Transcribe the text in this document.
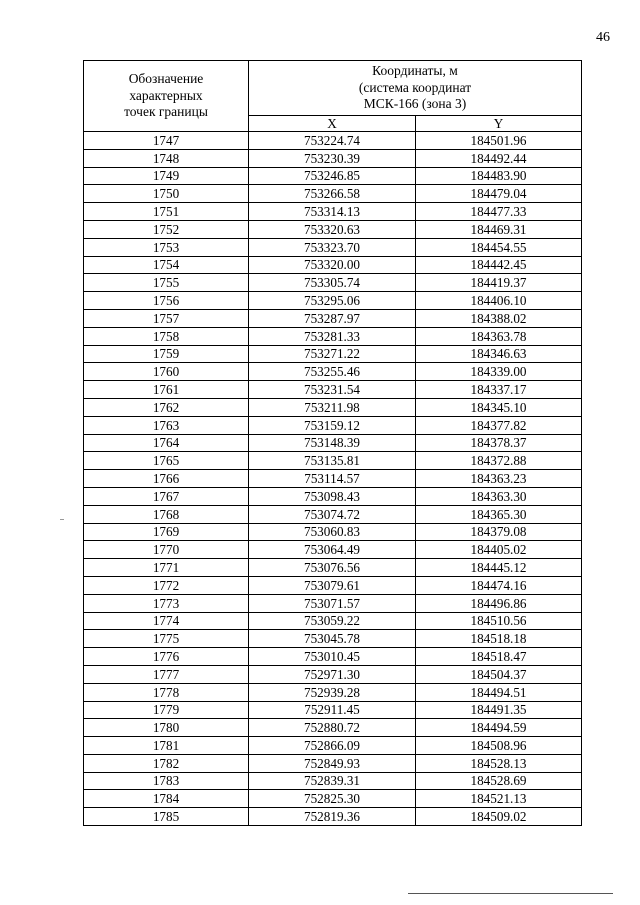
46
Обозначение
характерных
точек границы	Координаты, м
(система координат
МСК-166 (зона 3)	

	X	Y
1747	753224.74	184501.96
1748	753230.39	184492.44
1749	753246.85	184483.90
1750	753266.58	184479.04
1751	753314.13	184477.33
1752	753320.63	184469.31
1753	753323.70	184454.55
1754	753320.00	184442.45
1755	753305.74	184419.37
1756	753295.06	184406.10
1757	753287.97	184388.02
1758	753281.33	184363.78
1759	753271.22	184346.63
1760	753255.46	184339.00
1761	753231.54	184337.17
1762	753211.98	184345.10
1763	753159.12	184377.82
1764	753148.39	184378.37
1765	753135.81	184372.88
1766	753114.57	184363.23
1767	753098.43	184363.30
1768	753074.72	184365.30
1769	753060.83	184379.08
1770	753064.49	184405.02
1771	753076.56	184445.12
1772	753079.61	184474.16
1773	753071.57	184496.86
1774	753059.22	184510.56
1775	753045.78	184518.18
1776	753010.45	184518.47
1777	752971.30	184504.37
1778	752939.28	184494.51
1779	752911.45	184491.35
1780	752880.72	184494.59
1781	752866.09	184508.96
1782	752849.93	184528.13
1783	752839.31	184528.69
1784	752825.30	184521.13
1785	752819.36	184509.02
